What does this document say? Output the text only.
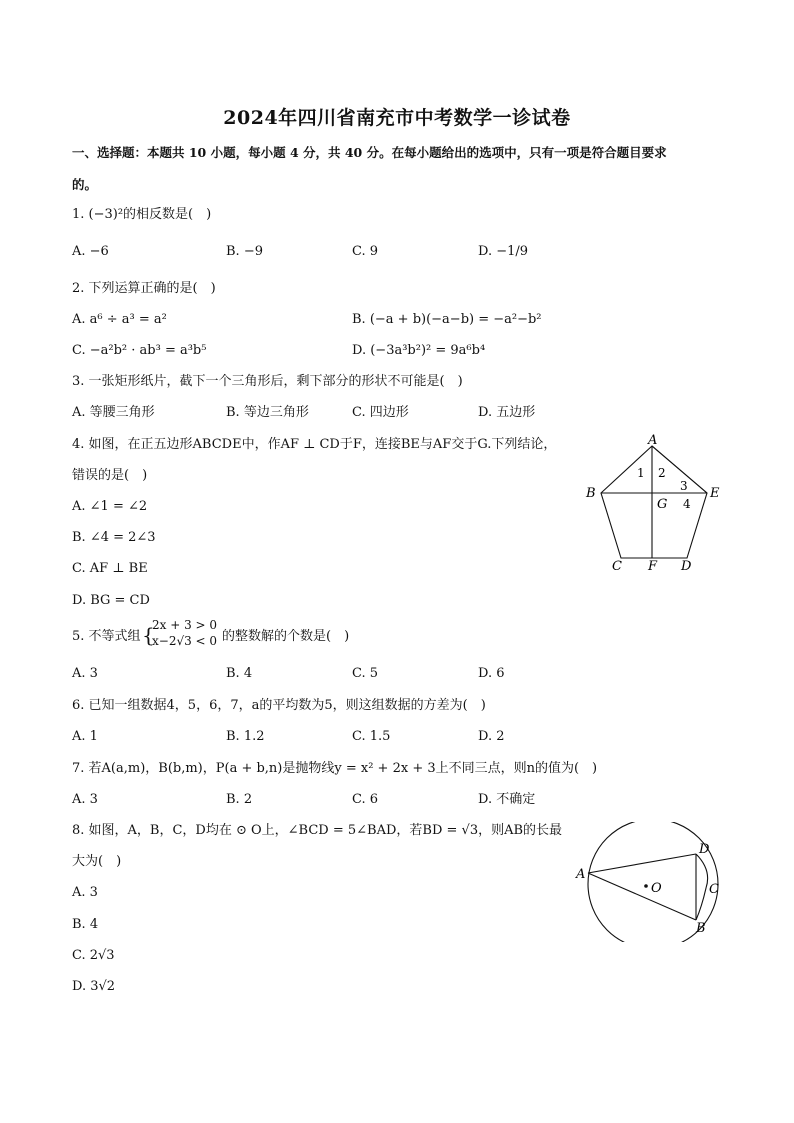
2024年四川省南充市中考数学一诊试卷
一、选择题：本题共 10 小题，每小题 4 分，共 40 分。在每小题给出的选项中，只有一项是符合题目要求
的。
1. (−3)²的相反数是(　)
A. −6	B. −9	C. 9	D. −1/9
2. 下列运算正确的是(　)
A. a⁶ ÷ a³ = a²	B. (−a + b)(−a−b) = −a²−b²
C. −a²b² · ab³ = a³b⁵	D. (−3a³b²)² = 9a⁶b⁴
3. 一张矩形纸片，截下一个三角形后，剩下部分的形状不可能是(　)
A. 等腰三角形	B. 等边三角形	C. 四边形	D. 五边形
4. 如图，在正五边形ABCDE中，作AF ⊥ CD于F，连接BE与AF交于G.下列结论，
错误的是(　)
A. ∠1 = ∠2
B. ∠4 = 2∠3
C. AF ⊥ BE
D. BG = CD
A
B
C	D
E
F
G
1 2
3
4
5. 不等式组 {
2x + 3 > 0
x−2√3 < 0 的整数解的个数是(　)
A. 3	B. 4	C. 5	D. 6
6. 已知一组数据4，5，6，7，a的平均数为5，则这组数据的方差为(　)
A. 1	B. 1.2	C. 1.5	D. 2
7. 若A(a,m)，B(b,m)，P(a + b,n)是抛物线y = x² + 2x + 3上不同三点，则n的值为(　)
A. 3	B. 2	C. 6	D. 不确定
8. 如图，A，B，C，D均在 ⊙ O上，∠BCD = 5∠BAD，若BD = √3，则AB的长最
大为(　)
A. 3
B. 4
C. 2√3
D. 3√2
A
B
C
D
O
